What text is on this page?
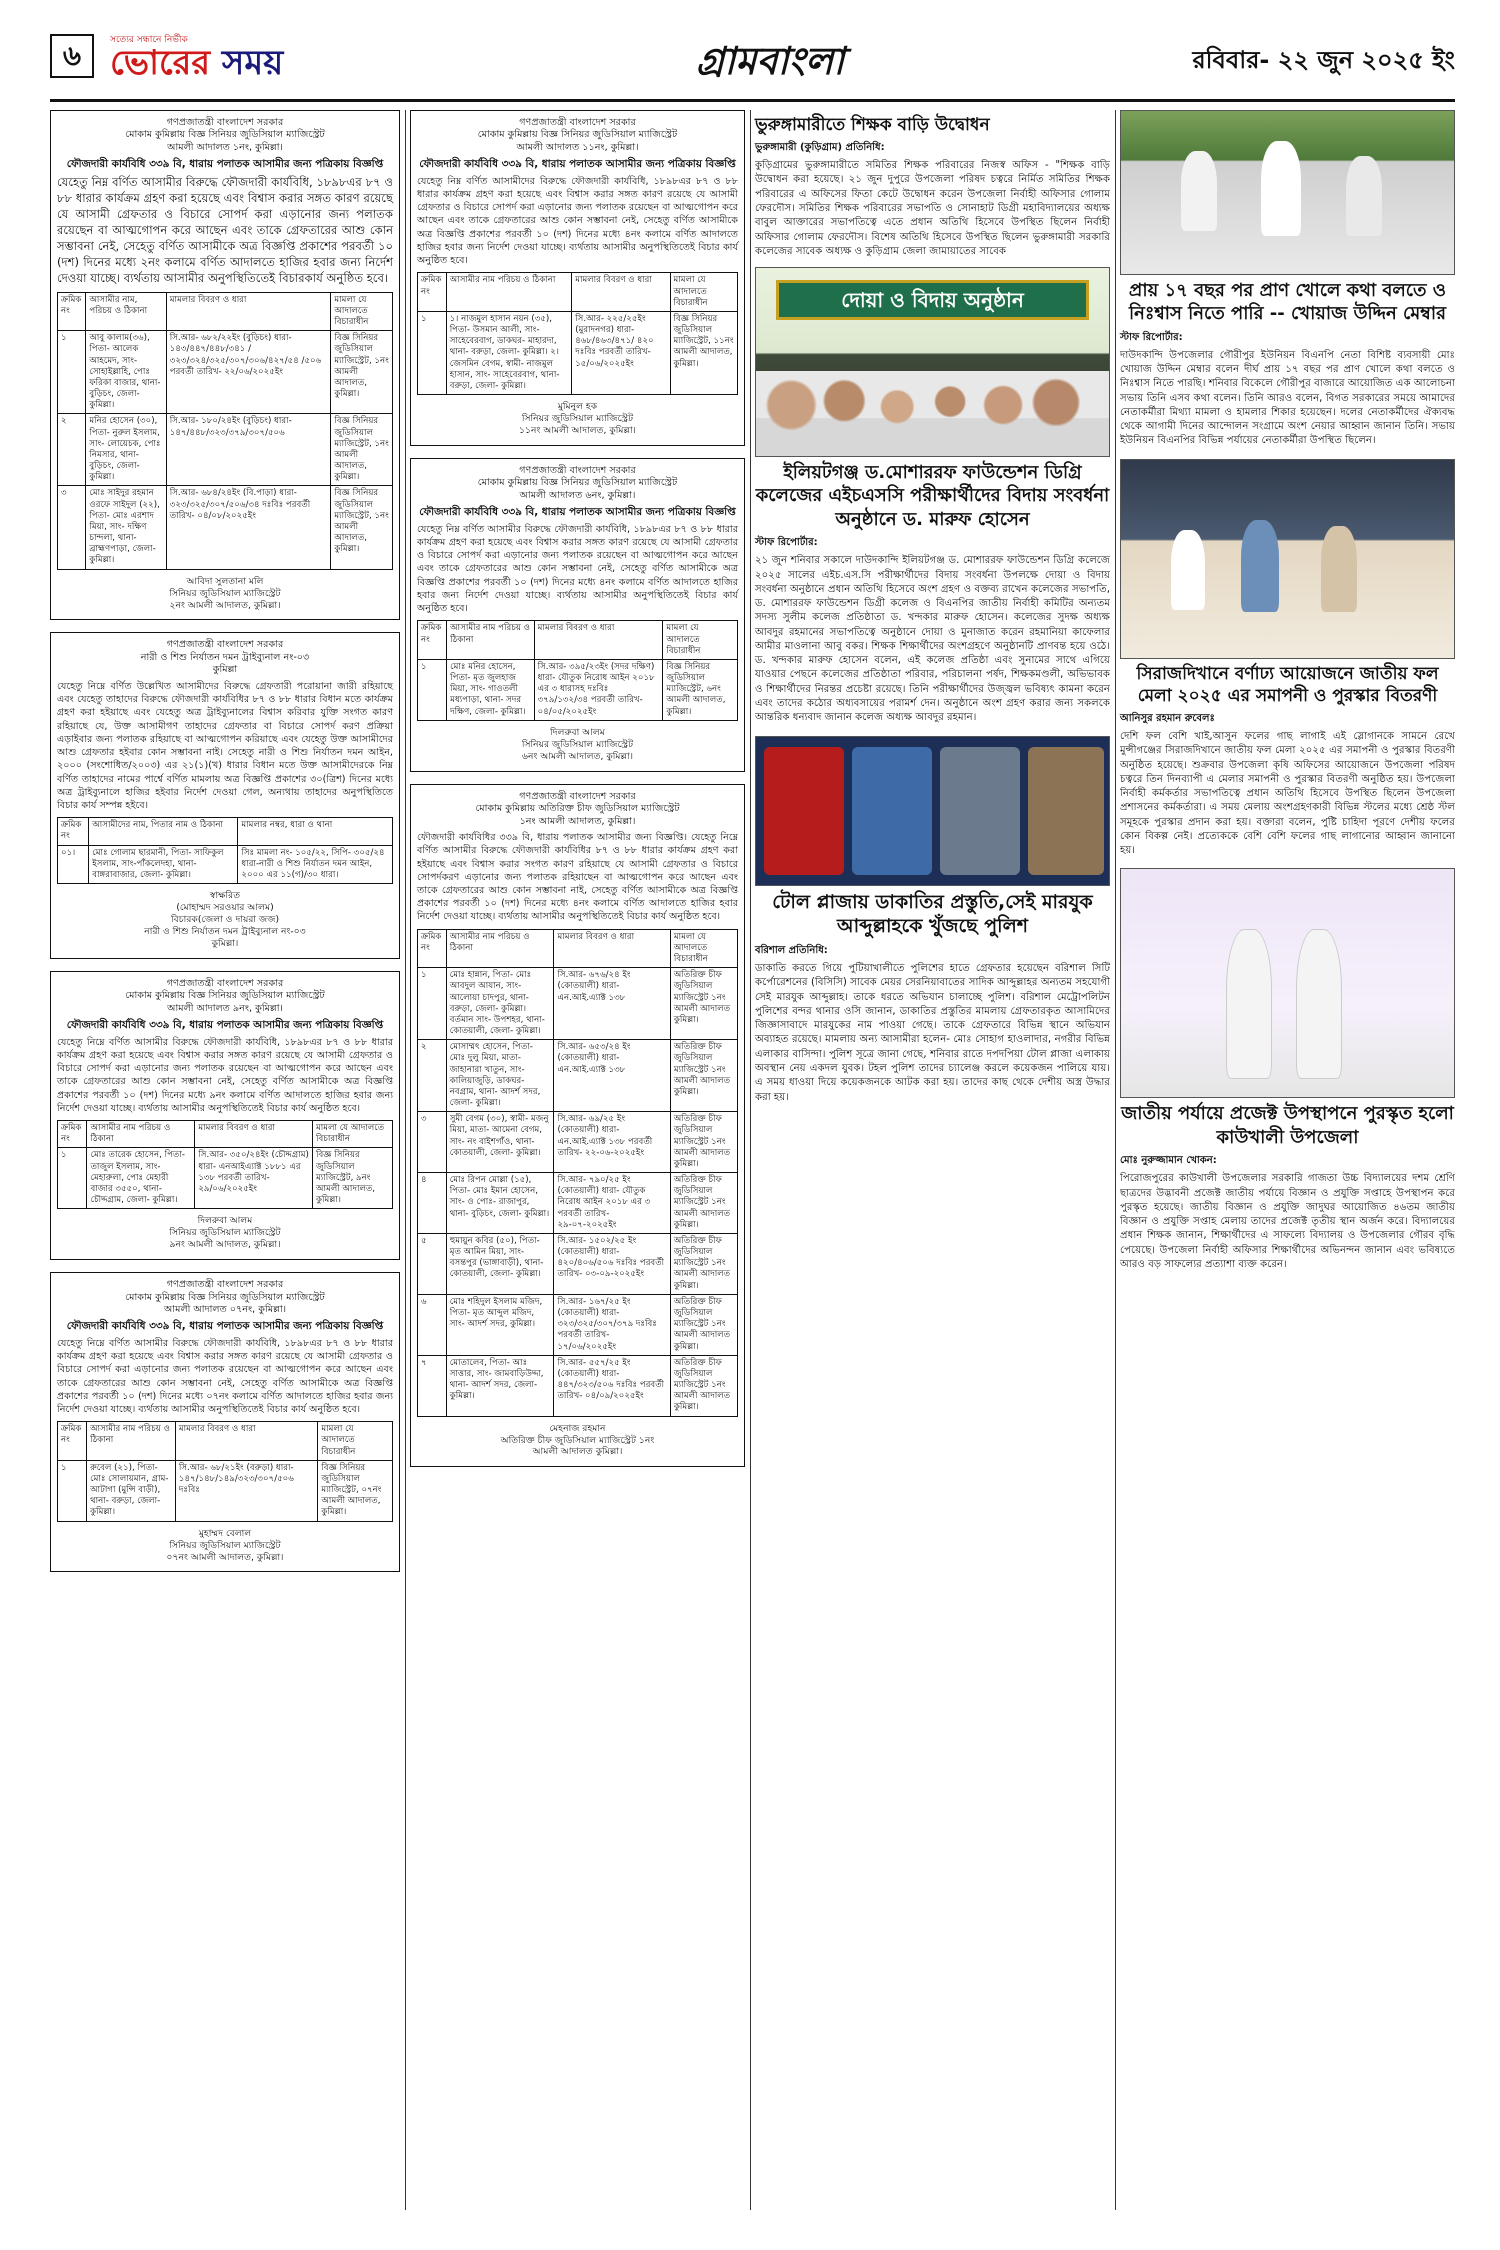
৬	সত্যের সন্ধানে নির্ভীক
ভোরের সময়	গ্রামবাংলা	রবিবার- ২২ জুন ২০২৫ ইং
গণপ্রজাতন্ত্রী বাংলাদেশ সরকার
মোকাম কুমিল্লায় বিজ্ঞ সিনিয়র জুডিসিয়াল ম্যাজিস্ট্রেট
আমলী আদালত ১নং, কুমিল্লা।
ফৌজদারী কার্যবিধি ৩৩৯ বি, ধারায় পলাতক আসামীর জন্য পত্রিকায় বিজ্ঞপ্তি
যেহেতু নিম্ন বর্ণিত আসামীর বিরুদ্ধে ফৌজদারী কার্যবিধি, ১৮৯৮এর ৮৭ ও ৮৮ ধারার কার্যক্রম গ্রহণ করা হয়েছে এবং বিশ্বাস করার সঙ্গত কারণ রয়েছে যে আসামী গ্রেফতার ও বিচারে সোপর্দ করা এড়ানোর জন্য পলাতক রয়েছেন বা আত্মগোপন করে আছেন এবং তাকে গ্রেফতারের আশু কোন সম্ভাবনা নেই, সেহেতু বর্ণিত আসামীকে অত্র বিজ্ঞপ্তি প্রকাশের পরবর্তী ১০ (দশ) দিনের মধ্যে ২নং কলামে বর্ণিত আদালতে হাজির হবার জন্য নির্দেশ দেওয়া যাচ্ছে। ব্যর্থতায় আসামীর অনুপস্থিতিতেই বিচারকার্য অনুষ্ঠিত হবে।
ক্রমিক নং	আসামীর নাম, পরিচয় ও ঠিকানা	মামলার বিবরণ ও ধারা	মামলা যে আদালতে বিচারাধীন
১	আবু কালাম(৩৬), পিতা- আলেক আহমেদ, সাং- সোহাইল্লাহি, পোঃ ফরিকা বাজার, থানা- বুড়িচং, জেলা- কুমিল্লা।	সি.আর- ৬৮২/২২ইং (বুড়িচং) ধারা- ১৪৩/৪৪৭/৪৪৮/৩৪১ /৩২৩/৩২৪/৩২৫/৩০৭/৩০৬/৪২৭/৫৪ /৫০৬ পরবর্তী তারিখ- ২২/০৬/২০২৫ইং	বিজ্ঞ সিনিয়র জুডিসিয়াল ম্যাজিস্ট্রেট, ১নং আমলী আদালত, কুমিল্লা।
২	মনির হোসেন (৩০), পিতা- নুরুল ইসলাম, সাং- লোয়েচক, পোঃ নিমসার, থানা- বুড়িচং, জেলা- কুমিল্লা।	সি.আর- ১৮০/২৪ইং (বুড়িচং) ধারা- ১৪৭/৪৪৮/৩২৩/৩৭৯/৩০৭/৫০৬	বিজ্ঞ সিনিয়র জুডিসিয়াল ম্যাজিস্ট্রেট, ১নং আমলী আদালত, কুমিল্লা।
৩	মোঃ সাইদুর রহমান ওরফে সাইদুল (২২), পিতা- মোঃ এরশাদ মিয়া, সাং- দক্ষিণ চান্দলা, থানা- ব্রাহ্মণপাড়া, জেলা- কুমিল্লা।	সি.আর- ৬৮৪/২৪ইং (বি.পাড়া) ধারা- ৩২৩/৩২৫/৩০৭/৫০৬/৩৪ দঃবিঃ পরবর্তী তারিখ- ০৪/০৮/২০২৫ইং	বিজ্ঞ সিনিয়র জুডিসিয়াল ম্যাজিস্ট্রেট, ১নং আমলী আদালত, কুমিল্লা।
আবিদা সুলতানা মলি
সিনিয়র জুডিসিয়াল ম্যাজিস্ট্রেট
২নং আমলী আদালত, কুমিল্লা।
গণপ্রজাতন্ত্রী বাংলাদেশ সরকার
নারী ও শিশু নির্যাতন দমন ট্রাইব্যুনাল নং-০৩
কুমিল্লা
যেহেতু নিম্নে বর্ণিত উল্লেখিত আসামীদের বিরুদ্ধে গ্রেফতারী পরোয়ানা জারী রহিয়াছে এবং যেহেতু তাহাদের বিরুদ্ধে ফৌজদারী কার্যবিধির ৮৭ ও ৮৮ ধারার বিধান মতে কার্যক্রম গ্রহণ করা হইয়াছে এবং যেহেতু অত্র ট্রাইব্যুনালের বিশ্বাস করিবার যুক্তি সংগত কারণ রহিয়াছে যে, উক্ত আসামীগণ তাহাদের গ্রেফতার বা বিচারে সোপর্দ করণ প্রক্রিয়া এড়াইবার জন্য পলাতক রহিয়াছে বা আত্মগোপন করিয়াছে এবং যেহেতু উক্ত আসামীদের আশু গ্রেফতার হইবার কোন সম্ভাবনা নাই। সেহেতু নারী ও শিশু নির্যাতন দমন আইন, ২০০০ (সংশোধিত/২০০৩) এর ২১(১)(খ) ধারার বিধান মতে উক্ত আসামীদেরকে নিম্ন বর্ণিত তাহাদের নামের পার্শ্বে বর্ণিত মামলায় অত্র বিজ্ঞপ্তি প্রকাশের ৩০(ত্রিশ) দিনের মধ্যে অত্র ট্রাইব্যুনালে হাজির হইবার নির্দেশ দেওয়া গেল, অন্যথায় তাহাদের অনুপস্থিতিতে বিচার কার্য সম্পন্ন হইবে।
ক্রমিক নং	আসামীদের নাম, পিতার নাম ও ঠিকানা	মামলার নম্বর, ধারা ও থানা
০১।	মোঃ গোলাম ছারমানী, পিতা- সাফিকুল ইসলাম, সাং-পাঁকলেদহা, থানা-বাঙ্গরাবাজার, জেলা- কুমিল্লা।	সিঃ মামলা নং- ১০৫/২২, সিপি- ৩০৫/২৪ ধারা-নারী ও শিশু নির্যাতন দমন আইন, ২০০০ এর ১১(গ)/৩০ ধারা।
স্বাক্ষরিত
(মোহাম্মদ সরওয়ার আলম)
বিচারক(জেলা ও দায়রা জজ)
নারী ও শিশু নির্যাতন দমন ট্রাইব্যুনাল নং-০৩
কুমিল্লা।
গণপ্রজাতন্ত্রী বাংলাদেশ সরকার
মোকাম কুমিল্লায় বিজ্ঞ সিনিয়র জুডিসিয়াল ম্যাজিস্ট্রেট
আমলী আদালত ৯নং, কুমিল্লা।
ফৌজদারী কার্যবিধি ৩৩৯ বি, ধারায় পলাতক আসামীর জন্য পত্রিকায় বিজ্ঞপ্তি
যেহেতু নিম্নে বর্ণিত আসামীর বিরুদ্ধে ফৌজদারী কার্যবিধি, ১৮৯৮এর ৮৭ ও ৮৮ ধারার কার্যক্রম গ্রহণ করা হয়েছে এবং বিশ্বাস করার সঙ্গত কারণ রয়েছে যে আসামী গ্রেফতার ও বিচারে সোপর্দ করা এড়ানোর জন্য পলাতক রয়েছেন বা আত্মগোপন করে আছেন এবং তাকে গ্রেফতারের আশু কোন সম্ভাবনা নেই, সেহেতু বর্ণিত আসামীকে অত্র বিজ্ঞপ্তি প্রকাশের পরবর্তী ১০ (দশ) দিনের মধ্যে ৯নং কলামে বর্ণিত আদালতে হাজির হবার জন্য নির্দেশ দেওয়া যাচ্ছে। ব্যর্থতায় আসামীর অনুপস্থিতিতেই বিচার কার্য অনুষ্ঠিত হবে।
ক্রমিক নং	আসামীর নাম পরিচয় ও ঠিকানা	মামলার বিবরণ ও ধারা	মামলা যে আদালতে বিচারাধীন
১	মোঃ তারেক হোসেন, পিতা- তাজুল ইসলাম, সাং- মেহারুলা, পোঃ মেহারী বাজার ৩৫৫০, থানা- চৌদ্দগ্রাম, জেলা- কুমিল্লা।	সি.আর- ৩৫০/২৪ইং (চৌদ্দগ্রাম) ধারা- এনআইএ্যাক্ট ১৮৮১ এর ১৩৮ পরবর্তী তারিখ- ২৯/০৬/২০২৫ইং	বিজ্ঞ সিনিয়র জুডিসিয়াল ম্যাজিস্ট্রেট, ৯নং আমলী আদালত, কুমিল্লা।
দিলরুবা আলম
সিনিয়র জুডিসিয়াল ম্যাজিস্ট্রেট
৯নং আমলী আদালত, কুমিল্লা।
গণপ্রজাতন্ত্রী বাংলাদেশ সরকার
মোকাম কুমিল্লায় বিজ্ঞ সিনিয়র জুডিসিয়াল ম্যাজিস্ট্রেট
আমলী আদালত ০৭নং, কুমিল্লা।
ফৌজদারী কার্যবিধি ৩৩৯ বি, ধারায় পলাতক আসামীর জন্য পত্রিকায় বিজ্ঞপ্তি
যেহেতু নিম্নে বর্ণিত আসামীর বিরুদ্ধে ফৌজদারী কার্যবিধি, ১৮৯৮এর ৮৭ ও ৮৮ ধারার কার্যক্রম গ্রহণ করা হয়েছে এবং বিশ্বাস করার সঙ্গত কারণ রয়েছে যে আসামী গ্রেফতার ও বিচারে সোপর্দ করা এড়ানোর জন্য পলাতক রয়েছেন বা আত্মগোপন করে আছেন এবং তাকে গ্রেফতারের আশু কোন সম্ভাবনা নেই, সেহেতু বর্ণিত আসামীকে অত্র বিজ্ঞপ্তি প্রকাশের পরবর্তী ১০ (দশ) দিনের মধ্যে ০৭নং কলামে বর্ণিত আদালতে হাজির হবার জন্য নির্দেশ দেওয়া যাচ্ছে। ব্যর্থতায় আসামীর অনুপস্থিতিতেই বিচার কার্য অনুষ্ঠিত হবে।
ক্রমিক নং	আসামীর নাম পরিচয় ও ঠিকানা	মামলার বিবরণ ও ধারা	মামলা যে আদালতে বিচারাধীন
১	রুবেল (২১), পিতা- মোঃ সোলায়মান, গ্রাম- আটাগা (মুন্সি বাড়ী), থানা- বরুড়া, জেলা- কুমিল্লা।	সি.আর- ৬৮/২১ইং (বরুড়া) ধারা- ১৪৭/১৪৮/১৪৯/৩২৩/৩০৭/৫০৬ দঃবিঃ	বিজ্ঞ সিনিয়র জুডিসিয়াল ম্যাজিস্ট্রেট, ০৭নং আমলী আদালত, কুমিল্লা।
মুহাম্মদ বেলাল
সিনিয়র জুডিসিয়াল ম্যাজিস্ট্রেট
০৭নং আমলী আদালত, কুমিল্লা।
গণপ্রজাতন্ত্রী বাংলাদেশ সরকার
মোকাম কুমিল্লায় বিজ্ঞ সিনিয়র জুডিসিয়াল ম্যাজিস্ট্রেট
আমলী আদালত ১১নং, কুমিল্লা।
ফৌজদারী কার্যবিধি ৩৩৯ বি, ধারায় পলাতক আসামীর জন্য পত্রিকায় বিজ্ঞপ্তি
যেহেতু নিম্ন বর্ণিত আসামীদের বিরুদ্ধে ফৌজদারী কার্যবিধি, ১৮৯৮এর ৮৭ ও ৮৮ ধারার কার্যক্রম গ্রহণ করা হয়েছে এবং বিশ্বাস করার সঙ্গত কারণ রয়েছে যে আসামী গ্রেফতার ও বিচারে সোপর্দ করা এড়ানোর জন্য পলাতক রয়েছেন বা আত্মগোপন করে আছেন এবং তাকে গ্রেফতারের আশু কোন সম্ভাবনা নেই, সেহেতু বর্ণিত আসামীকে অত্র বিজ্ঞপ্তি প্রকাশের পরবর্তী ১০ (দশ) দিনের মধ্যে ৪নং কলামে বর্ণিত আদালতে হাজির হবার জন্য নির্দেশ দেওয়া যাচ্ছে। ব্যর্থতায় আসামীর অনুপস্থিতিতেই বিচার কার্য অনুষ্ঠিত হবে।
ক্রমিক নং	আসামীর নাম পরিচয় ও ঠিকানা	মামলার বিবরণ ও ধারা	মামলা যে আদালতে বিচারাধীন
১	১। নাজমুল হাসান নয়ন (৩৫), পিতা- উসমান আলী, সাং- সাহেবেরবাগ, ডাকঘর- মাহারদা, থানা- বরুড়া, জেলা- কুমিল্লা। ২। জেসমিন বেগম, স্বামী- নাজমুল হাসান, সাং- সাহেবেরবাগ, থানা- বরুড়া, জেলা- কুমিল্লা।	সি.আর- ২২৫/২৫ইং (মুরাদনগর) ধারা- ৪৬৮/৪৬৩/৪৭১/ ৪২০ দঃবিঃ পরবর্তী তারিখ- ১৫/০৬/২০২৫ইং	বিজ্ঞ সিনিয়র জুডিসিয়াল ম্যাজিস্ট্রেট, ১১নং আমলী আদালত, কুমিল্লা।
মুমিনুল হক
সিনিয়র জুডিসিয়াল ম্যাজিস্ট্রেট
১১নং আমলী আদালত, কুমিল্লা।
গণপ্রজাতন্ত্রী বাংলাদেশ সরকার
মোকাম কুমিল্লায় বিজ্ঞ সিনিয়র জুডিসিয়াল ম্যাজিস্ট্রেট
আমলী আদালত ৬নং, কুমিল্লা।
ফৌজদারী কার্যবিধি ৩৩৯ বি, ধারায় পলাতক আসামীর জন্য পত্রিকায় বিজ্ঞপ্তি
যেহেতু নিম্ন বর্ণিত আসামীর বিরুদ্ধে ফৌজদারী কার্যবিধি, ১৮৯৮এর ৮৭ ও ৮৮ ধারার কার্যক্রম গ্রহণ করা হয়েছে এবং বিশ্বাস করার সঙ্গত কারণ রয়েছে যে আসামী গ্রেফতার ও বিচারে সোপর্দ করা এড়ানোর জন্য পলাতক রয়েছেন বা আত্মগোপন করে আছেন এবং তাকে গ্রেফতারের আশু কোন সম্ভাবনা নেই, সেহেতু বর্ণিত আসামীকে অত্র বিজ্ঞপ্তি প্রকাশের পরবর্তী ১০ (দশ) দিনের মধ্যে ৪নং কলামে বর্ণিত আদালতে হাজির হবার জন্য নির্দেশ দেওয়া যাচ্ছে। ব্যর্থতায় আসামীর অনুপস্থিতিতেই বিচার কার্য অনুষ্ঠিত হবে।
ক্রমিক নং	আসামীর নাম পরিচয় ও ঠিকানা	মামলার বিবরণ ও ধারা	মামলা যে আদালতে বিচারাধীন
১	মোঃ মনির হোসেন, পিতা- মৃত জুলহাজ মিয়া, সাং- গাওতলী মধ্যপাড়া, থানা- সদর দক্ষিণ, জেলা- কুমিল্লা।	সি.আর- ৩৯৫/২৩ইং (সদর দক্ষিণ) ধারা- যৌতুক নিরোধ আইন ২০১৮ এর ৩ ধারাসহ দঃবিঃ ৩৭৯/১৩২/৩৪ পরবর্তী তারিখ- ০৪/০৫/২০২৫ইং	বিজ্ঞ সিনিয়র জুডিসিয়াল ম্যাজিস্ট্রেট, ৬নং আমলী আদালত, কুমিল্লা।
দিলরুবা আলম
সিনিয়র জুডিসিয়াল ম্যাজিস্ট্রেট
৬নং আমলী আদালত, কুমিল্লা।
গণপ্রজাতন্ত্রী বাংলাদেশ সরকার
মোকাম কুমিল্লায় অতিরিক্ত চীফ জুডিসিয়াল ম্যাজিস্ট্রেট
১নং আমলী আদালত, কুমিল্লা।
ফৌজদারী কার্যবিধির ৩৩৯ বি, ধারায় পলাতক আসামীর জন্য বিজ্ঞপ্তি। যেহেতু নিম্নে বর্ণিত আসামীর বিরুদ্ধে ফৌজদারী কার্যবিধির ৮৭ ও ৮৮ ধারার কার্যক্রম গ্রহণ করা হইয়াছে এবং বিশ্বাস করার সংগত কারণ রহিয়াছে যে আসামী গ্রেফতার ও বিচারে সোপর্দকরণ এড়ানোর জন্য পলাতক রহিয়াছেন বা আত্মগোপন করে আছেন এবং তাকে গ্রেফতারের আশু কোন সম্ভাবনা নাই, সেহেতু বর্ণিত আসামীকে অত্র বিজ্ঞপ্তি প্রকাশের পরবর্তী ১০ (দশ) দিনের মধ্যে ৪নং কলামে বর্ণিত আদালতে হাজির হবার নির্দেশ দেওয়া যাচ্ছে। ব্যর্থতায় আসামীর অনুপস্থিতিতেই বিচার কার্য অনুষ্ঠিত হবে।
ক্রমিক নং	আসামীর নাম পরিচয় ও ঠিকানা	মামলার বিবরণ ও ধারা	মামলা যে আদালতে বিচারাধীন
১	মোঃ হান্নান, পিতা- মোঃ আবদুল আযান, সাং- আলোয়া চাদপুর, থানা- বরুড়া, জেলা- কুমিল্লা। বর্তমান সাং- উপশহর, থানা- কোতয়ালী, জেলা- কুমিল্লা।	সি.আর- ৬৭৬/২৪ ইং (কোতয়ালী) ধারা- এন.আই.এ্যাক্ট ১৩৮	অতিরিক্ত চীফ জুডিসিয়াল ম্যাজিস্ট্রেট ১নং আমলী আদালত কুমিল্লা।
২	মোসাম্মৎ হোসেন, পিতা- মোঃ দুলু মিয়া, মাতা- জাহানারা খাতুন, সাং- কালিয়াজুড়ি, ডাকঘর- নবগ্রাম, থানা- আদর্শ সদর, জেলা- কুমিল্লা।	সি.আর- ৬৫৩/২৪ ইং (কোতয়ালী) ধারা- এন.আই.এ্যাক্ট ১৩৮	অতিরিক্ত চীফ জুডিসিয়াল ম্যাজিস্ট্রেট ১নং আমলী আদালত কুমিল্লা।
৩	সুমী বেগম (৩০), স্বামী- মজনু মিয়া, মাতা- আমেনা বেগম, সাং- নং বাইশগাঁও, থানা- কোতয়ালী, জেলা- কুমিল্লা।	সি.আর- ৬৯/২৫ ইং (কোতয়ালী) ধারা- এন.আই.এ্যাক্ট ১৩৮ পরবর্তী তারিখ- ২২-০৬-২০২৫ইং	অতিরিক্ত চীফ জুডিসিয়াল ম্যাজিস্ট্রেট ১নং আমলী আদালত কুমিল্লা।
৪	মোঃ রিপন মোল্লা (১৫), পিতা- মোঃ ইমান হোসেন, সাং- ও পোঃ- রাজাপুর, থানা- বুড়িচং, জেলা- কুমিল্লা।	সি.আর- ৭৯০/২৫ ইং (কোতয়ালী) ধারা- যৌতুক নিরোধ আইন ২০১৮ এর ৩ পরবর্তী তারিখ- ২৯-০৭-২০২৫ইং	অতিরিক্ত চীফ জুডিসিয়াল ম্যাজিস্ট্রেট ১নং আমলী আদালত কুমিল্লা।
৫	হুমায়ুন কবির (৫০), পিতা- মৃত আমিন মিয়া, সাং- বসন্তপুর (ভাঙ্গাবাড়ী), থানা- কোতয়ালী, জেলা- কুমিল্লা।	সি.আর- ১৫০২/২৫ ইং (কোতয়ালী) ধারা- ৪২০/৪০৬/৫০৬ দঃবিঃ পরবর্তী তারিখ- ০৩-০৯-২০২৫ইং	অতিরিক্ত চীফ জুডিসিয়াল ম্যাজিস্ট্রেট ১নং আমলী আদালত কুমিল্লা।
৬	মোঃ শহিদুল ইসলাম মজিদ, পিতা- মৃত আব্দুল মজিদ, সাং- আদর্শ সদর, কুমিল্লা।	সি.আর- ১৬৭/২৫ ইং (কোতয়ালী) ধারা- ৩২৩/৩২৫/৩০৭/৩৭৯ দঃবিঃ পরবর্তী তারিখ- ১৭/০৬/২০২৫ইং	অতিরিক্ত চীফ জুডিসিয়াল ম্যাজিস্ট্রেট ১নং আমলী আদালত কুমিল্লা।
৭	মোতালেব, পিতা- আঃ সাত্তার, সাং- জামবাড়িউদ্দা, থানা- আদর্শ সদর, জেলা- কুমিল্লা।	সি.আর- ৫৫৭/২৫ ইং (কোতয়ালী) ধারা- ৪৪৭/৩২৩/৫০৬ দঃবিঃ পরবর্তী তারিখ- ০৪/০৯/২০২৫ইং	অতিরিক্ত চীফ জুডিসিয়াল ম্যাজিস্ট্রেট ১নং আমলী আদালত কুমিল্লা।
মেহনাজ রহমান
অতিরিক্ত চীফ জুডিসিয়াল ম্যাজিস্ট্রেট ১নং
আমলী আদালত কুমিল্লা।
ভুরুঙ্গামারীতে শিক্ষক বাড়ি উদ্বোধন
ভুরুঙ্গামারী (কুড়িগ্রাম) প্রতিনিধি:
কুড়িগ্রামের ভুরুঙ্গামারীতে সমিতির শিক্ষক পরিবারের নিজস্ব অফিস - "শিক্ষক বাড়ি উদ্বোধন করা হয়েছে। ২১ জুন দুপুরে উপজেলা পরিষদ চত্বরে নির্মিত সমিতির শিক্ষক পরিবারের এ অফিসের ফিতা কেটে উদ্বোধন করেন উপজেলা নির্বাহী অফিসার গোলাম ফেরদৌস। সমিতির শিক্ষক পরিবারের সভাপতি ও সোনাহাট ডিগ্রী মহাবিদ্যালয়ের অধ্যক্ষ বাবুল আক্তারের সভাপতিত্বে এতে প্রধান অতিথি হিসেবে উপস্থিত ছিলেন নির্বাহী অফিসার গোলাম ফেরদৌস। বিশেষ অতিথি হিসেবে উপস্থিত ছিলেন ভুরুঙ্গামারী সরকারি কলেজের সাবেক অধ্যক্ষ ও কুড়িগ্রাম জেলা জামায়াতের সাবেক
দোয়া ও বিদায় অনুষ্ঠান
ইলিয়টগঞ্জ ড.মোশাররফ ফাউন্ডেশন ডিগ্রি কলেজের এইচএসসি পরীক্ষার্থীদের বিদায় সংবর্ধনা অনুষ্ঠানে ড. মারুফ হোসেন
স্টাফ রিপোর্টার:
২১ জুন শনিবার সকালে দাউদকান্দি ইলিয়টগঞ্জ ড. মোশাররফ ফাউন্ডেশন ডিগ্রি কলেজে ২০২৫ সালের এইচ.এস.সি পরীক্ষার্থীদের বিদায় সংবর্ধনা উপলক্ষে দোয়া ও বিদায় সংবর্ধনা অনুষ্ঠানে প্রধান অতিথি হিসেবে অংশ গ্রহণ ও বক্তব্য রাখেন কলেজের সভাপতি, ড. মোশাররফ ফাউন্ডেশন ডিগ্রী কলেজ ও বিএনপির জাতীয় নির্বাহী কমিটির অন্যতম সদস্য সুলীম কলেজ প্রতিষ্ঠাতা ড. খন্দকার মারুফ হোসেন। কলেজের সুদক্ষ অধ্যক্ষ আবদুর রহমানের সভাপতিত্বে অনুষ্ঠানে দোয়া ও মুনাজাত করেন রহমানিয়া কাফেলার আমীর মাওলানা আবু বকর। শিক্ষক শিক্ষার্থীদের অংশগ্রহণে অনুষ্ঠানটি প্রাণবন্ত হয়ে ওঠে। ড. খন্দকার মারুফ হোসেন বলেন, এই কলেজ প্রতিষ্ঠা এবং সুনামের সাথে এগিয়ে যাওয়ার পেছনে কলেজের প্রতিষ্ঠাতা পরিবার, পরিচালনা পর্ষদ, শিক্ষকমণ্ডলী, অভিভাবক ও শিক্ষার্থীদের নিরন্তর প্রচেষ্টা রয়েছে। তিনি পরীক্ষার্থীদের উজ্জ্বল ভবিষ্যৎ কামনা করেন এবং তাদের কঠোর অধ্যবসায়ের পরামর্শ দেন। অনুষ্ঠানে অংশ গ্রহণ করার জন্য সকলকে আন্তরিক ধন্যবাদ জানান কলেজ অধ্যক্ষ আবদুর রহমান।
টোল প্লাজায় ডাকাতির প্রস্তুতি,সেই মারযুক আব্দুল্লাহকে খুঁজছে পুলিশ
বরিশাল প্রতিনিধি:
ডাকাতি করতে গিয়ে পুটিয়াখালীতে পুলিশের হাতে গ্রেফতার হয়েছেন বরিশাল সিটি কর্পোরেশনের (বিসিসি) সাবেক মেয়র সেরনিয়াবাতের সাদিক আব্দুল্লাহর অন্যতম সহযোগী সেই মারযুক আব্দুল্লাহ। তাকে ধরতে অভিযান চালাচ্ছে পুলিশ। বরিশাল মেট্রোপলিটন পুলিশের বন্দর থানার ওসি জানান, ডাকাতির প্রস্তুতির মামলায় গ্রেফতারকৃত আসামিদের জিজ্ঞাসাবাদে মারযুকের নাম পাওয়া গেছে। তাকে গ্রেফতারে বিভিন্ন স্থানে অভিযান অব্যাহত রয়েছে। মামলায় অন্য আসামীরা হলেন- মোঃ সোহাগ হাওলাদার, নগরীর বিভিন্ন এলাকার বাসিন্দা। পুলিশ সূত্রে জানা গেছে, শনিবার রাতে দপদপিয়া টোল প্লাজা এলাকায় অবস্থান নেয় একদল যুবক। টহল পুলিশ তাদের চ্যালেঞ্জ করলে কয়েকজন পালিয়ে যায়। এ সময় ধাওয়া দিয়ে কয়েকজনকে আটক করা হয়। তাদের কাছ থেকে দেশীয় অস্ত্র উদ্ধার করা হয়।
প্রায় ১৭ বছর পর প্রাণ খোলে কথা বলতে ও নিঃশ্বাস নিতে পারি -- খোয়াজ উদ্দিন মেম্বার
স্টাফ রিপোর্টার:
দাউদকান্দি উপজেলার গৌরীপুর ইউনিয়ন বিএনপি নেতা বিশিষ্ট ব্যবসায়ী মোঃ খোয়াজ উদ্দিন মেম্বার বলেন দীর্ঘ প্রায় ১৭ বছর পর প্রাণ খোলে কথা বলতে ও নিঃশ্বাস নিতে পারছি। শনিবার বিকেলে গৌরীপুর বাজারে আয়োজিত এক আলোচনা সভায় তিনি এসব কথা বলেন। তিনি আরও বলেন, বিগত সরকারের সময়ে আমাদের নেতাকর্মীরা মিথ্যা মামলা ও হামলার শিকার হয়েছেন। দলের নেতাকর্মীদের ঐক্যবদ্ধ থেকে আগামী দিনের আন্দোলন সংগ্রামে অংশ নেয়ার আহ্বান জানান তিনি। সভায় ইউনিয়ন বিএনপির বিভিন্ন পর্যায়ের নেতাকর্মীরা উপস্থিত ছিলেন।
সিরাজদিখানে বর্ণাঢ্য আয়োজনে জাতীয় ফল মেলা ২০২৫ এর সমাপনী ও পুরস্কার বিতরণী
আনিসুর রহমান রুবেলঃ
দেশি ফল বেশি খাই,আসুন ফলের গাছ লাগাই এই স্লোগানকে সামনে রেখে মুন্সীগঞ্জের সিরাজদিখানে জাতীয় ফল মেলা ২০২৫ এর সমাপনী ও পুরস্কার বিতরণী অনুষ্ঠিত হয়েছে। শুক্রবার উপজেলা কৃষি অফিসের আয়োজনে উপজেলা পরিষদ চত্বরে তিন দিনব্যাপী এ মেলার সমাপনী ও পুরস্কার বিতরণী অনুষ্ঠিত হয়। উপজেলা নির্বাহী কর্মকর্তার সভাপতিত্বে প্রধান অতিথি হিসেবে উপস্থিত ছিলেন উপজেলা প্রশাসনের কর্মকর্তারা। এ সময় মেলায় অংশগ্রহণকারী বিভিন্ন স্টলের মধ্যে শ্রেষ্ঠ স্টল সমূহকে পুরস্কার প্রদান করা হয়। বক্তারা বলেন, পুষ্টি চাহিদা পূরণে দেশীয় ফলের কোন বিকল্প নেই। প্রত্যেককে বেশি বেশি ফলের গাছ লাগানোর আহ্বান জানানো হয়।
জাতীয় পর্যায়ে প্রজেক্ট উপস্থাপনে পুরস্কৃত হলো কাউখালী উপজেলা
মোঃ নুরুজ্জামান খোকন:
পিরোজপুরের কাউখালী উপজেলার সরকারি গাজতা উচ্চ বিদ্যালয়ের দশম শ্রেণি ছাত্রদের উদ্ভাবনী প্রজেক্ট জাতীয় পর্যায়ে বিজ্ঞান ও প্রযুক্তি সপ্তাহে উপস্থাপন করে পুরস্কৃত হয়েছে। জাতীয় বিজ্ঞান ও প্রযুক্তি জাদুঘর আয়োজিত ৪৬তম জাতীয় বিজ্ঞান ও প্রযুক্তি সপ্তাহ মেলায় তাদের প্রজেক্ট তৃতীয় স্থান অর্জন করে। বিদ্যালয়ের প্রধান শিক্ষক জানান, শিক্ষার্থীদের এ সাফল্যে বিদ্যালয় ও উপজেলার গৌরব বৃদ্ধি পেয়েছে। উপজেলা নির্বাহী অফিসার শিক্ষার্থীদের অভিনন্দন জানান এবং ভবিষ্যতে আরও বড় সাফল্যের প্রত্যাশা ব্যক্ত করেন।
